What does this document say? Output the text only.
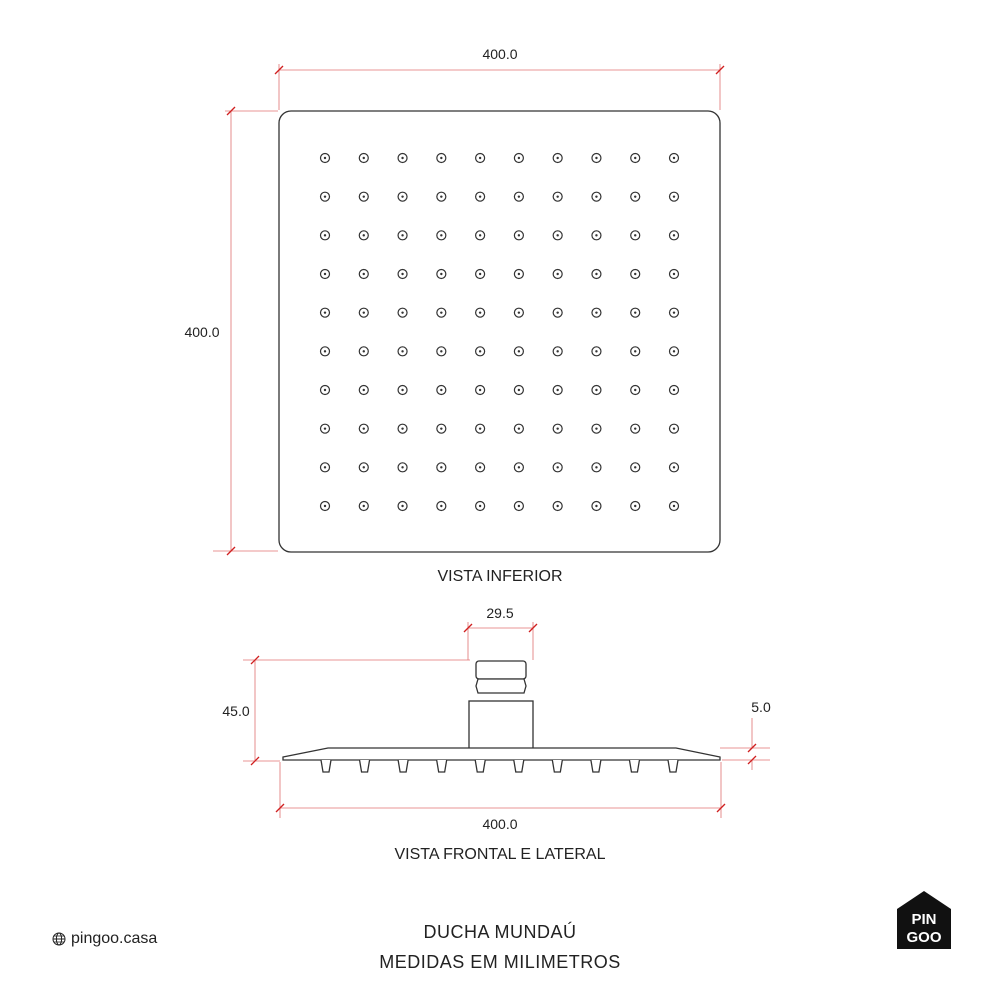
400.0
400.0
VISTA INFERIOR
29.5
45.0	5.0
400.0
VISTA FRONTAL E LATERAL
pingoo.casa	DUCHA MUNDAÚ
MEDIDAS EM MILIMETROS
PIN
GOO
